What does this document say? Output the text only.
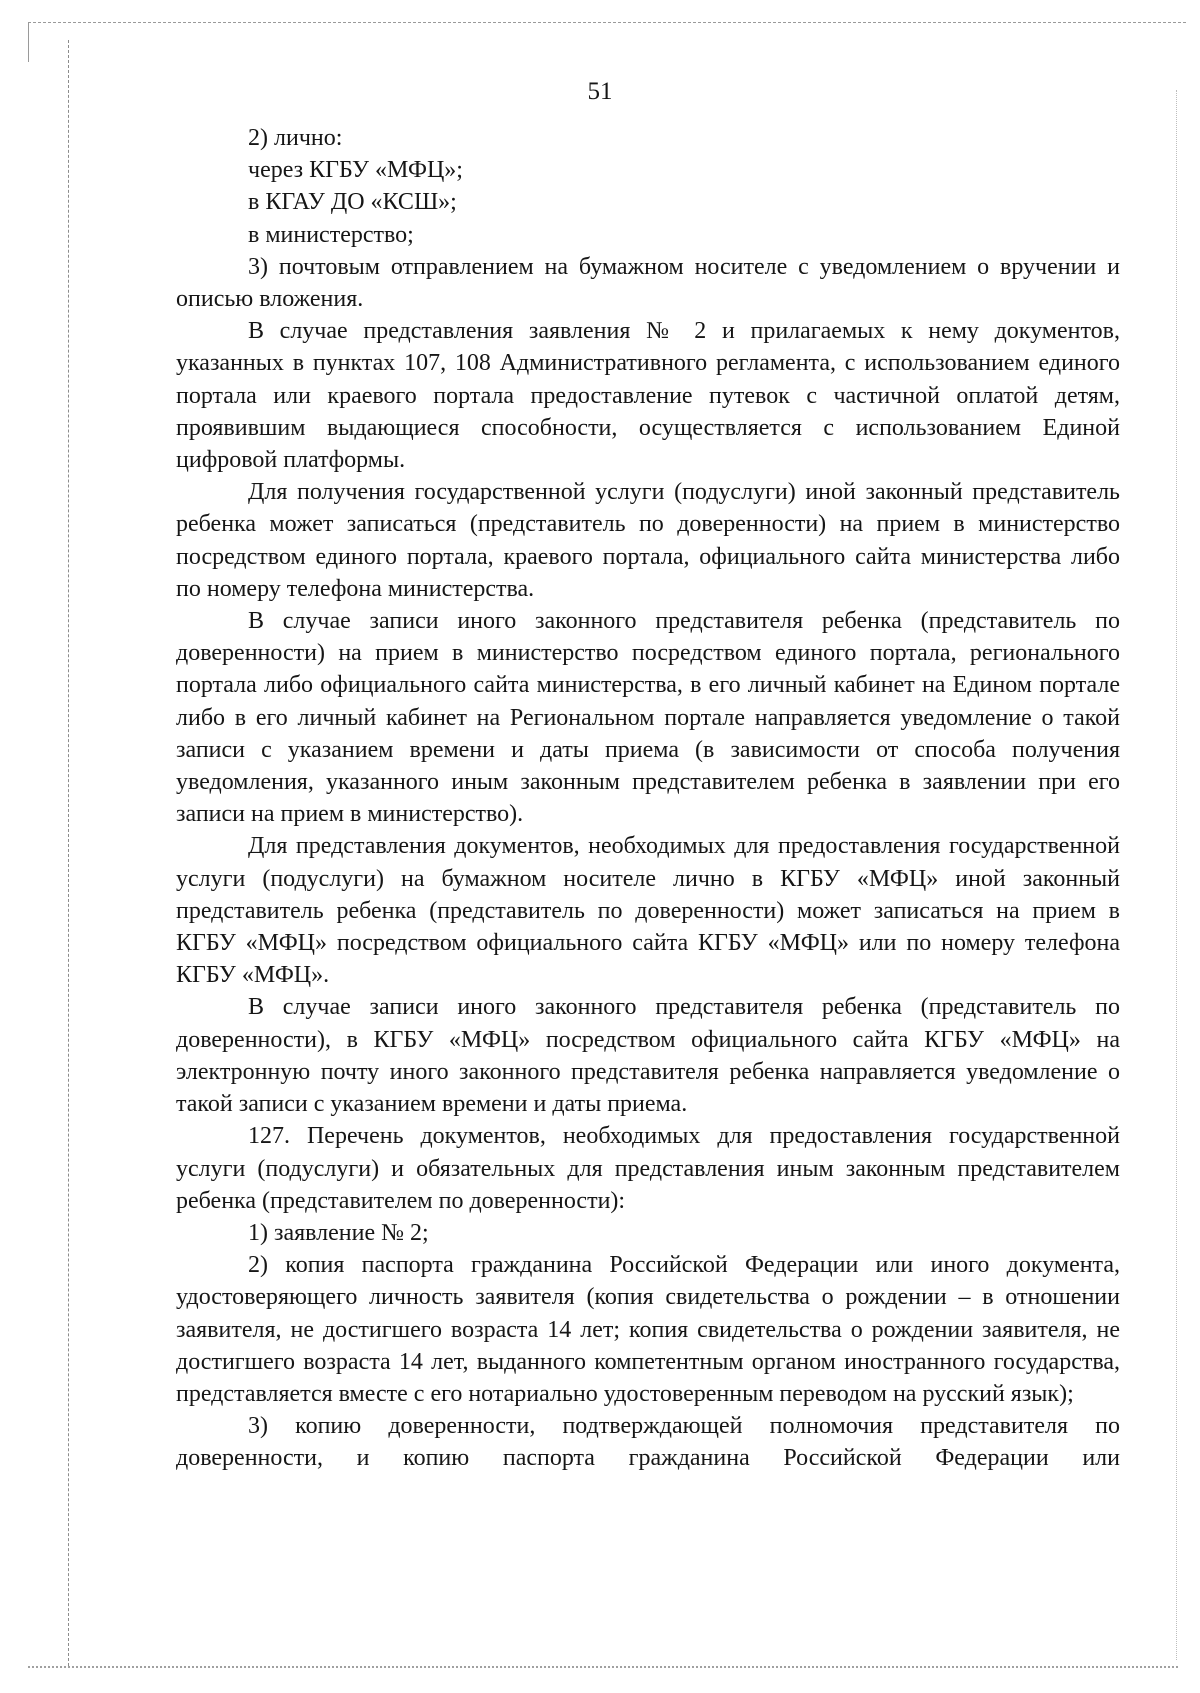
51

2) лично:

через КГБУ «МФЦ»;

в КГАУ ДО «КСШ»;

в министерство;

3) почтовым отправлением на бумажном носителе с уведомлением о вручении и описью вложения.

В случае представления заявления № 2 и прилагаемых к нему документов, указанных в пунктах 107, 108 Административного регламента, с использованием единого портала или краевого портала предоставление путевок с частичной оплатой детям, проявившим выдающиеся способности, осуществляется с использованием Единой цифровой платформы.

Для получения государственной услуги (подуслуги) иной законный представитель ребенка может записаться (представитель по доверенности) на прием в министерство посредством единого портала, краевого портала, официального сайта министерства либо по номеру телефона министерства.

В случае записи иного законного представителя ребенка (представитель по доверенности) на прием в министерство посредством единого портала, регионального портала либо официального сайта министерства, в его личный кабинет на Едином портале либо в его личный кабинет на Региональном портале направляется уведомление о такой записи с указанием времени и даты приема (в зависимости от способа получения уведомления, указанного иным законным представителем ребенка в заявлении при его записи на прием в министерство).

Для представления документов, необходимых для предоставления государственной услуги (подуслуги) на бумажном носителе лично в КГБУ «МФЦ» иной законный представитель ребенка (представитель по доверенности) может записаться на прием в КГБУ «МФЦ» посредством официального сайта КГБУ «МФЦ» или по номеру телефона КГБУ «МФЦ».

В случае записи иного законного представителя ребенка (представитель по доверенности), в КГБУ «МФЦ» посредством официального сайта КГБУ «МФЦ» на электронную почту иного законного представителя ребенка направляется уведомление о такой записи с указанием времени и даты приема.

127. Перечень документов, необходимых для предоставления государственной услуги (подуслуги) и обязательных для представления иным законным представителем ребенка (представителем по доверенности):

1) заявление № 2;

2) копия паспорта гражданина Российской Федерации или иного документа, удостоверяющего личность заявителя (копия свидетельства о рождении – в отношении заявителя, не достигшего возраста 14 лет; копия свидетельства о рождении заявителя, не достигшего возраста 14 лет, выданного компетентным органом иностранного государства, представляется вместе с его нотариально удостоверенным переводом на русский язык);

3) копию доверенности, подтверждающей полномочия представителя по доверенности, и копию паспорта гражданина Российской Федерации или
